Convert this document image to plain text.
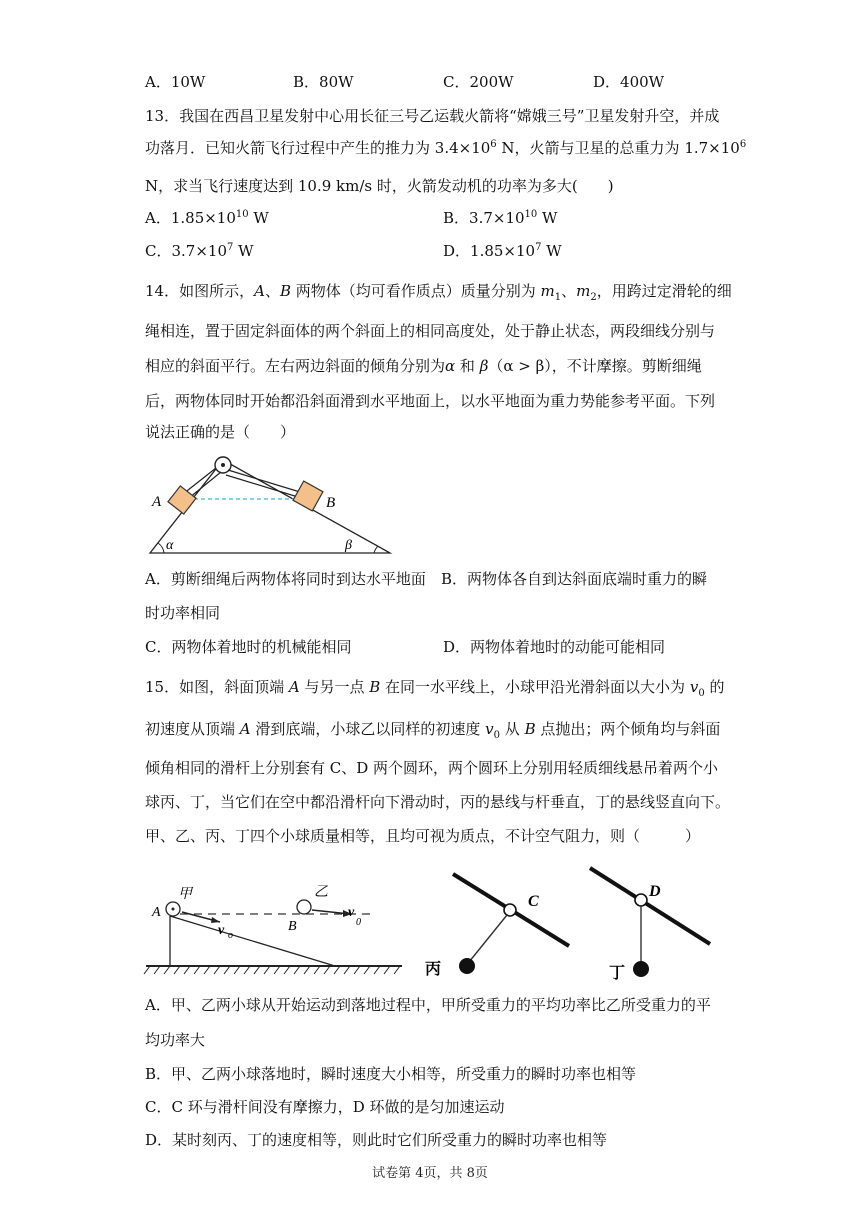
A．10W	B．80W	C．200W	D．400W
13．我国在西昌卫星发射中心用长征三号乙运载火箭将“嫦娥三号”卫星发射升空，并成
功落月．已知火箭飞行过程中产生的推力为 $3.4\times 10^6$ N，火箭与卫星的总重力为 $1.7\times 10^6$
N，求当飞行速度达到 10.9 km/s 时，火箭发动机的功率为多大(　　)
A．$1.85\times 10^{10}$ W	B．$3.7\times 10^{10}$ W
C．$3.7\times 10^7$ W	D．$1.85\times 10^7$ W
14．如图所示，A、B 两物体（均可看作质点）质量分别为 $m_1$、$m_2$，用跨过定滑轮的细
绳相连，置于固定斜面体的两个斜面上的相同高度处，处于静止状态，两段细线分别与
相应的斜面平行。左右两边斜面的倾角分别为α 和 β（α > β），不计摩擦。剪断细绳
后，两物体同时开始都沿斜面滑到水平地面上，以水平地面为重力势能参考平面。下列
说法正确的是（　　）
A	B
α	β
A．剪断细绳后两物体将同时到达水平地面 B．两物体各自到达斜面底端时重力的瞬
时功率相同
C．两物体着地时的机械能相同	D．两物体着地时的动能可能相同
15．如图，斜面顶端 A 与另一点 B 在同一水平线上，小球甲沿光滑斜面以大小为 $v_0$ 的
初速度从顶端 A 滑到底端，小球乙以同样的初速度 $v_0$ 从 B 点抛出；两个倾角均与斜面
倾角相同的滑杆上分别套有 C、D 两个圆环，两个圆环上分别用轻质细线悬吊着两个小
球丙、丁，当它们在空中都沿滑杆向下滑动时，丙的悬线与杆垂直，丁的悬线竖直向下。
甲、乙、丙、丁四个小球质量相等，且均可视为质点，不计空气阻力，则（　　　）
甲
A
v o
乙
B
v
0
C
丙
D
丁
A．甲、乙两小球从开始运动到落地过程中，甲所受重力的平均功率比乙所受重力的平
均功率大
B．甲、乙两小球落地时，瞬时速度大小相等，所受重力的瞬时功率也相等
C．C 环与滑杆间没有摩擦力，D 环做的是匀加速运动
D．某时刻丙、丁的速度相等，则此时它们所受重力的瞬时功率也相等
试卷第 4页，共 8页
